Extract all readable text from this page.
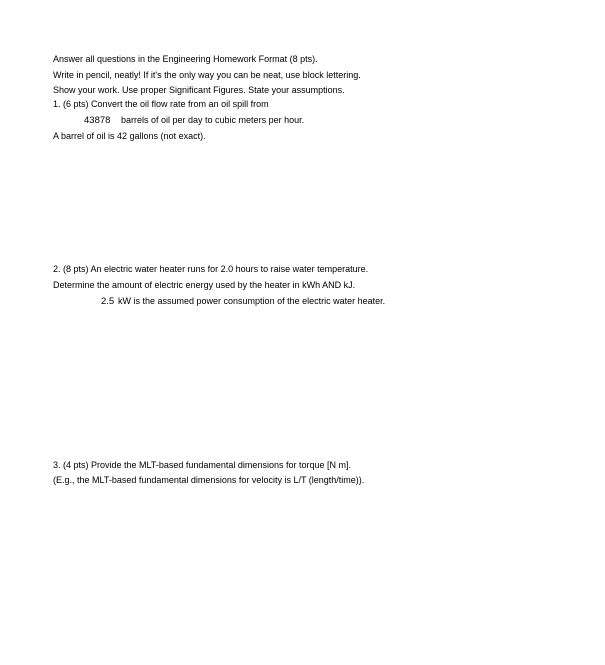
Answer all questions in the Engineering Homework Format (8 pts).
Write in pencil, neatly! If it's the only way you can be neat, use block lettering.
Show your work. Use proper Significant Figures. State your assumptions.
1. (6 pts) Convert the oil flow rate from an oil spill from
43878 barrels of oil per day to cubic meters per hour.
A barrel of oil is 42 gallons (not exact).
2. (8 pts) An electric water heater runs for 2.0 hours to raise water temperature.
Determine the amount of electric energy used by the heater in kWh AND kJ.
2.5 kW is the assumed power consumption of the electric water heater.
3. (4 pts) Provide the MLT-based fundamental dimensions for torque [N m].
(E.g., the MLT-based fundamental dimensions for velocity is L/T (length/time)).
